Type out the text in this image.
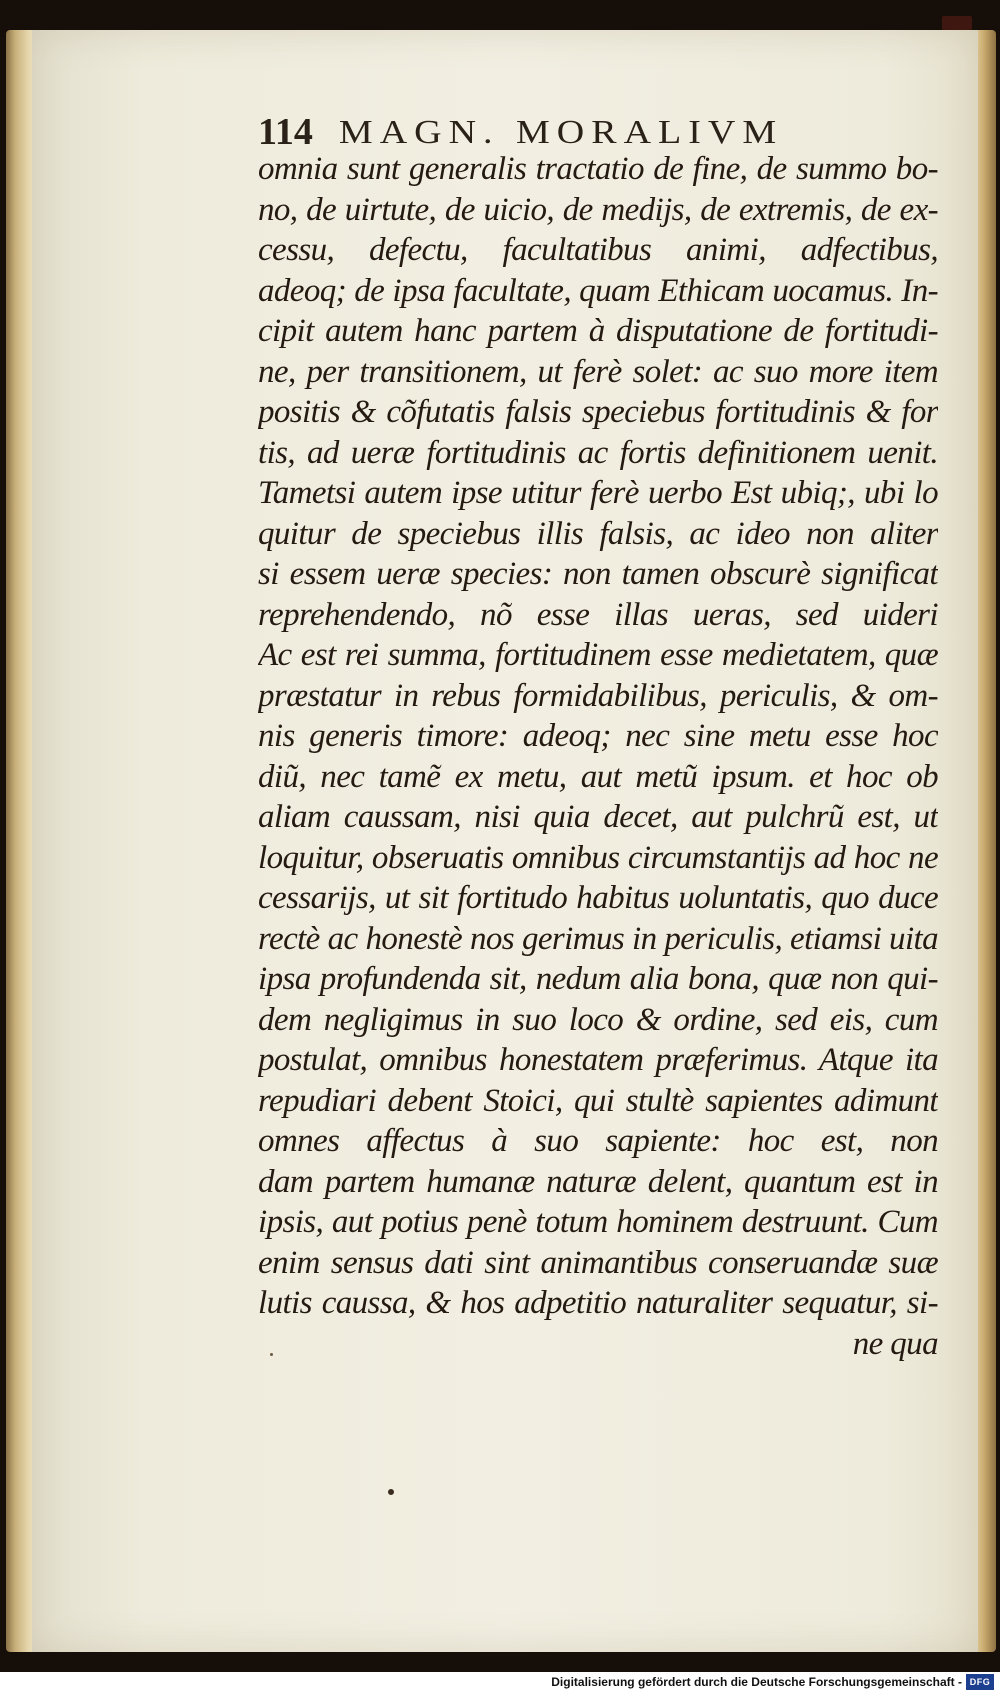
114 MAGN. MORALIVM
omnia sunt generalis tractatio de fine, de summo bo-
no, de uirtute, de uicio, de medijs, de extremis, de ex-
cessu, defectu, facultatibus animi, adfectibus,
adeoq; de ipsa facultate, quam Ethicam uocamus. In-
cipit autem hanc partem à disputatione de fortitudi-
ne, per transitionem, ut ferè solet: ac suo more item
positis & cõfutatis falsis speciebus fortitudinis & for
tis, ad ueræ fortitudinis ac fortis definitionem uenit.
Tametsi autem ipse utitur ferè uerbo Est ubiq;, ubi lo
quitur de speciebus illis falsis, ac ideo non aliter
si essem ueræ species: non tamen obscurè significat
reprehendendo, nõ esse illas ueras, sed uideri
Ac est rei summa, fortitudinem esse medietatem, quæ
præstatur in rebus formidabilibus, periculis, & om-
nis generis timore: adeoq; nec sine metu esse hoc
diũ, nec tamẽ ex metu, aut metũ ipsum. et hoc ob
aliam caussam, nisi quia decet, aut pulchrũ est, ut
loquitur, obseruatis omnibus circumstantijs ad hoc ne
cessarijs, ut sit fortitudo habitus uoluntatis, quo duce
rectè ac honestè nos gerimus in periculis, etiamsi uita
ipsa profundenda sit, nedum alia bona, quæ non qui-
dem negligimus in suo loco & ordine, sed eis, cum
postulat, omnibus honestatem præferimus. Atque ita
repudiari debent Stoici, qui stultè sapientes adimunt
omnes affectus à suo sapiente: hoc est, non
dam partem humanæ naturæ delent, quantum est in
ipsis, aut potius penè totum hominem destruunt. Cum
enim sensus dati sint animantibus conseruandæ suæ
lutis caussa, & hos adpetitio naturaliter sequatur, si-
ne qua
Digitalisierung gefördert durch die Deutsche Forschungsgemeinschaft - DFG
